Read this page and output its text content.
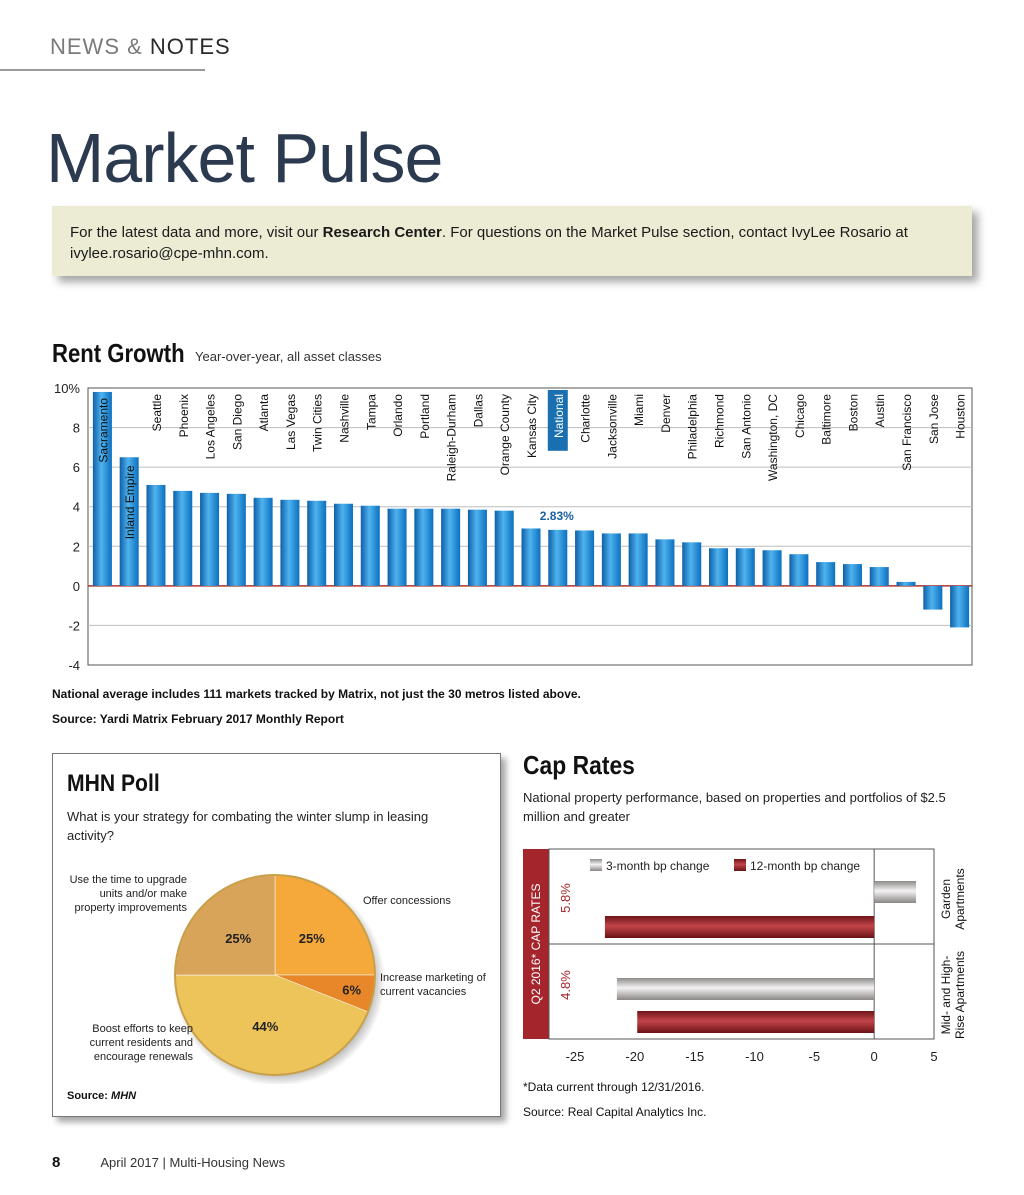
NEWS & NOTES
Market Pulse

For the latest data and more, visit our Research Center. For questions on the Market Pulse section, contact IvyLee Rosario at ivylee.rosario@cpe-mhn.com.

Rent Growth Year-over-year, all asset classes
10%
8
6
4
2
0
-2
-4
Sacramento
Inland Empire
Seattle Phoenix Los Angeles San Diego Atlanta Las Vegas Twin Cities Nashville Tampa Orlando Portland Raleigh-Durham Dallas Orange County Kansas City National Charlotte Jacksonville Miami Denver Philadelphia Richmond San Antonio Washington, DC Chicago Baltimore Boston Austin San Francisco San Jose Houston
2.83%
National average includes 111 markets tracked by Matrix, not just the 30 metros listed above.
Source: Yardi Matrix February 2017 Monthly Report
MHN Poll
What is your strategy for combating the winter slump in leasing activity?
25%
6%
44%
25%
Offer concessions
Increase marketing of current vacancies
Boost efforts to keep current residents and encourage renewals
Use the time to upgrade units and/or make property improvements
Source: MHN
Cap Rates
National property performance, based on properties and portfolios of $2.5 million and greater
Q2 2016* CAP RATES
3-month bp change	12-month bp change
5.8%
4.8%
GardenApartments
Mid- and High-Rise Apartments
-25	-20	-15	-10	-5	0	5
*Data current through 12/31/2016.
Source: Real Capital Analytics Inc.
8	April 2017 | Multi-Housing News
